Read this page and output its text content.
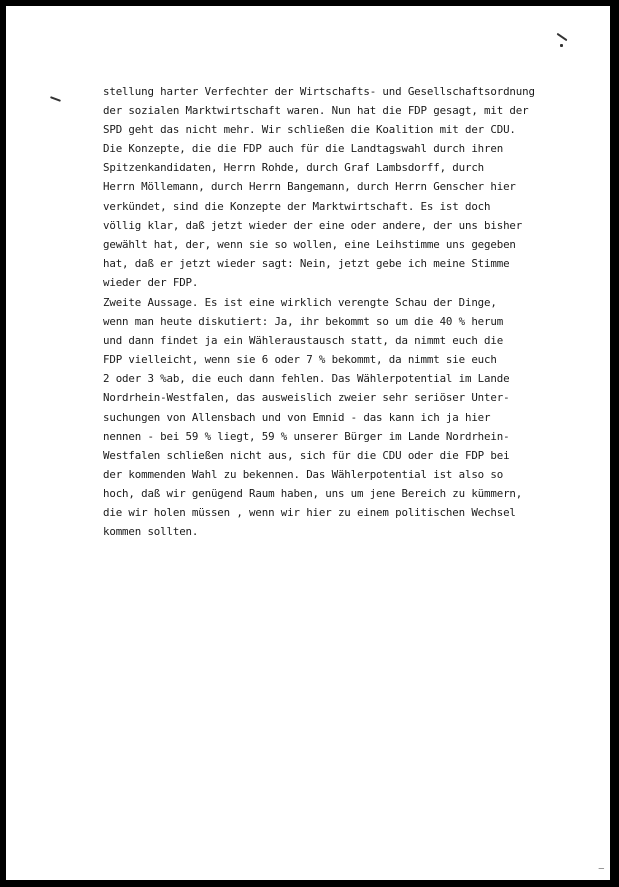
stellung harter Verfechter der Wirtschafts- und Gesellschaftsordnung
der sozialen Marktwirtschaft waren. Nun hat die FDP gesagt, mit der
SPD geht das nicht mehr. Wir schließen die Koalition mit der CDU.
Die Konzepte, die die FDP auch für die Landtagswahl durch ihren
Spitzenkandidaten, Herrn Rohde, durch Graf Lambsdorff, durch
Herrn Möllemann, durch Herrn Bangemann, durch Herrn Genscher hier
verkündet, sind die Konzepte der Marktwirtschaft. Es ist doch
völlig klar, daß jetzt wieder der eine oder andere, der uns bisher
gewählt hat, der, wenn sie so wollen, eine Leihstimme uns gegeben
hat, daß er jetzt wieder sagt: Nein, jetzt gebe ich meine Stimme
wieder der FDP.
Zweite Aussage. Es ist eine wirklich verengte Schau der Dinge,
wenn man heute diskutiert: Ja, ihr bekommt so um die 40 % herum
und dann findet ja ein Wähleraustausch statt, da nimmt euch die
FDP vielleicht, wenn sie 6 oder 7 % bekommt, da nimmt sie euch
2 oder 3 %ab, die euch dann fehlen. Das Wählerpotential im Lande
Nordrhein-Westfalen, das ausweislich zweier sehr seriöser Unter-
suchungen von Allensbach und von Emnid - das kann ich ja hier
nennen - bei 59 % liegt, 59 % unserer Bürger im Lande Nordrhein-
Westfalen schließen nicht aus, sich für die CDU oder die FDP bei
der kommenden Wahl zu bekennen. Das Wählerpotential ist also so
hoch, daß wir genügend Raum haben, uns um jene Bereich zu kümmern,
die wir holen müssen , wenn wir hier zu einem politischen Wechsel
kommen sollten.
—
